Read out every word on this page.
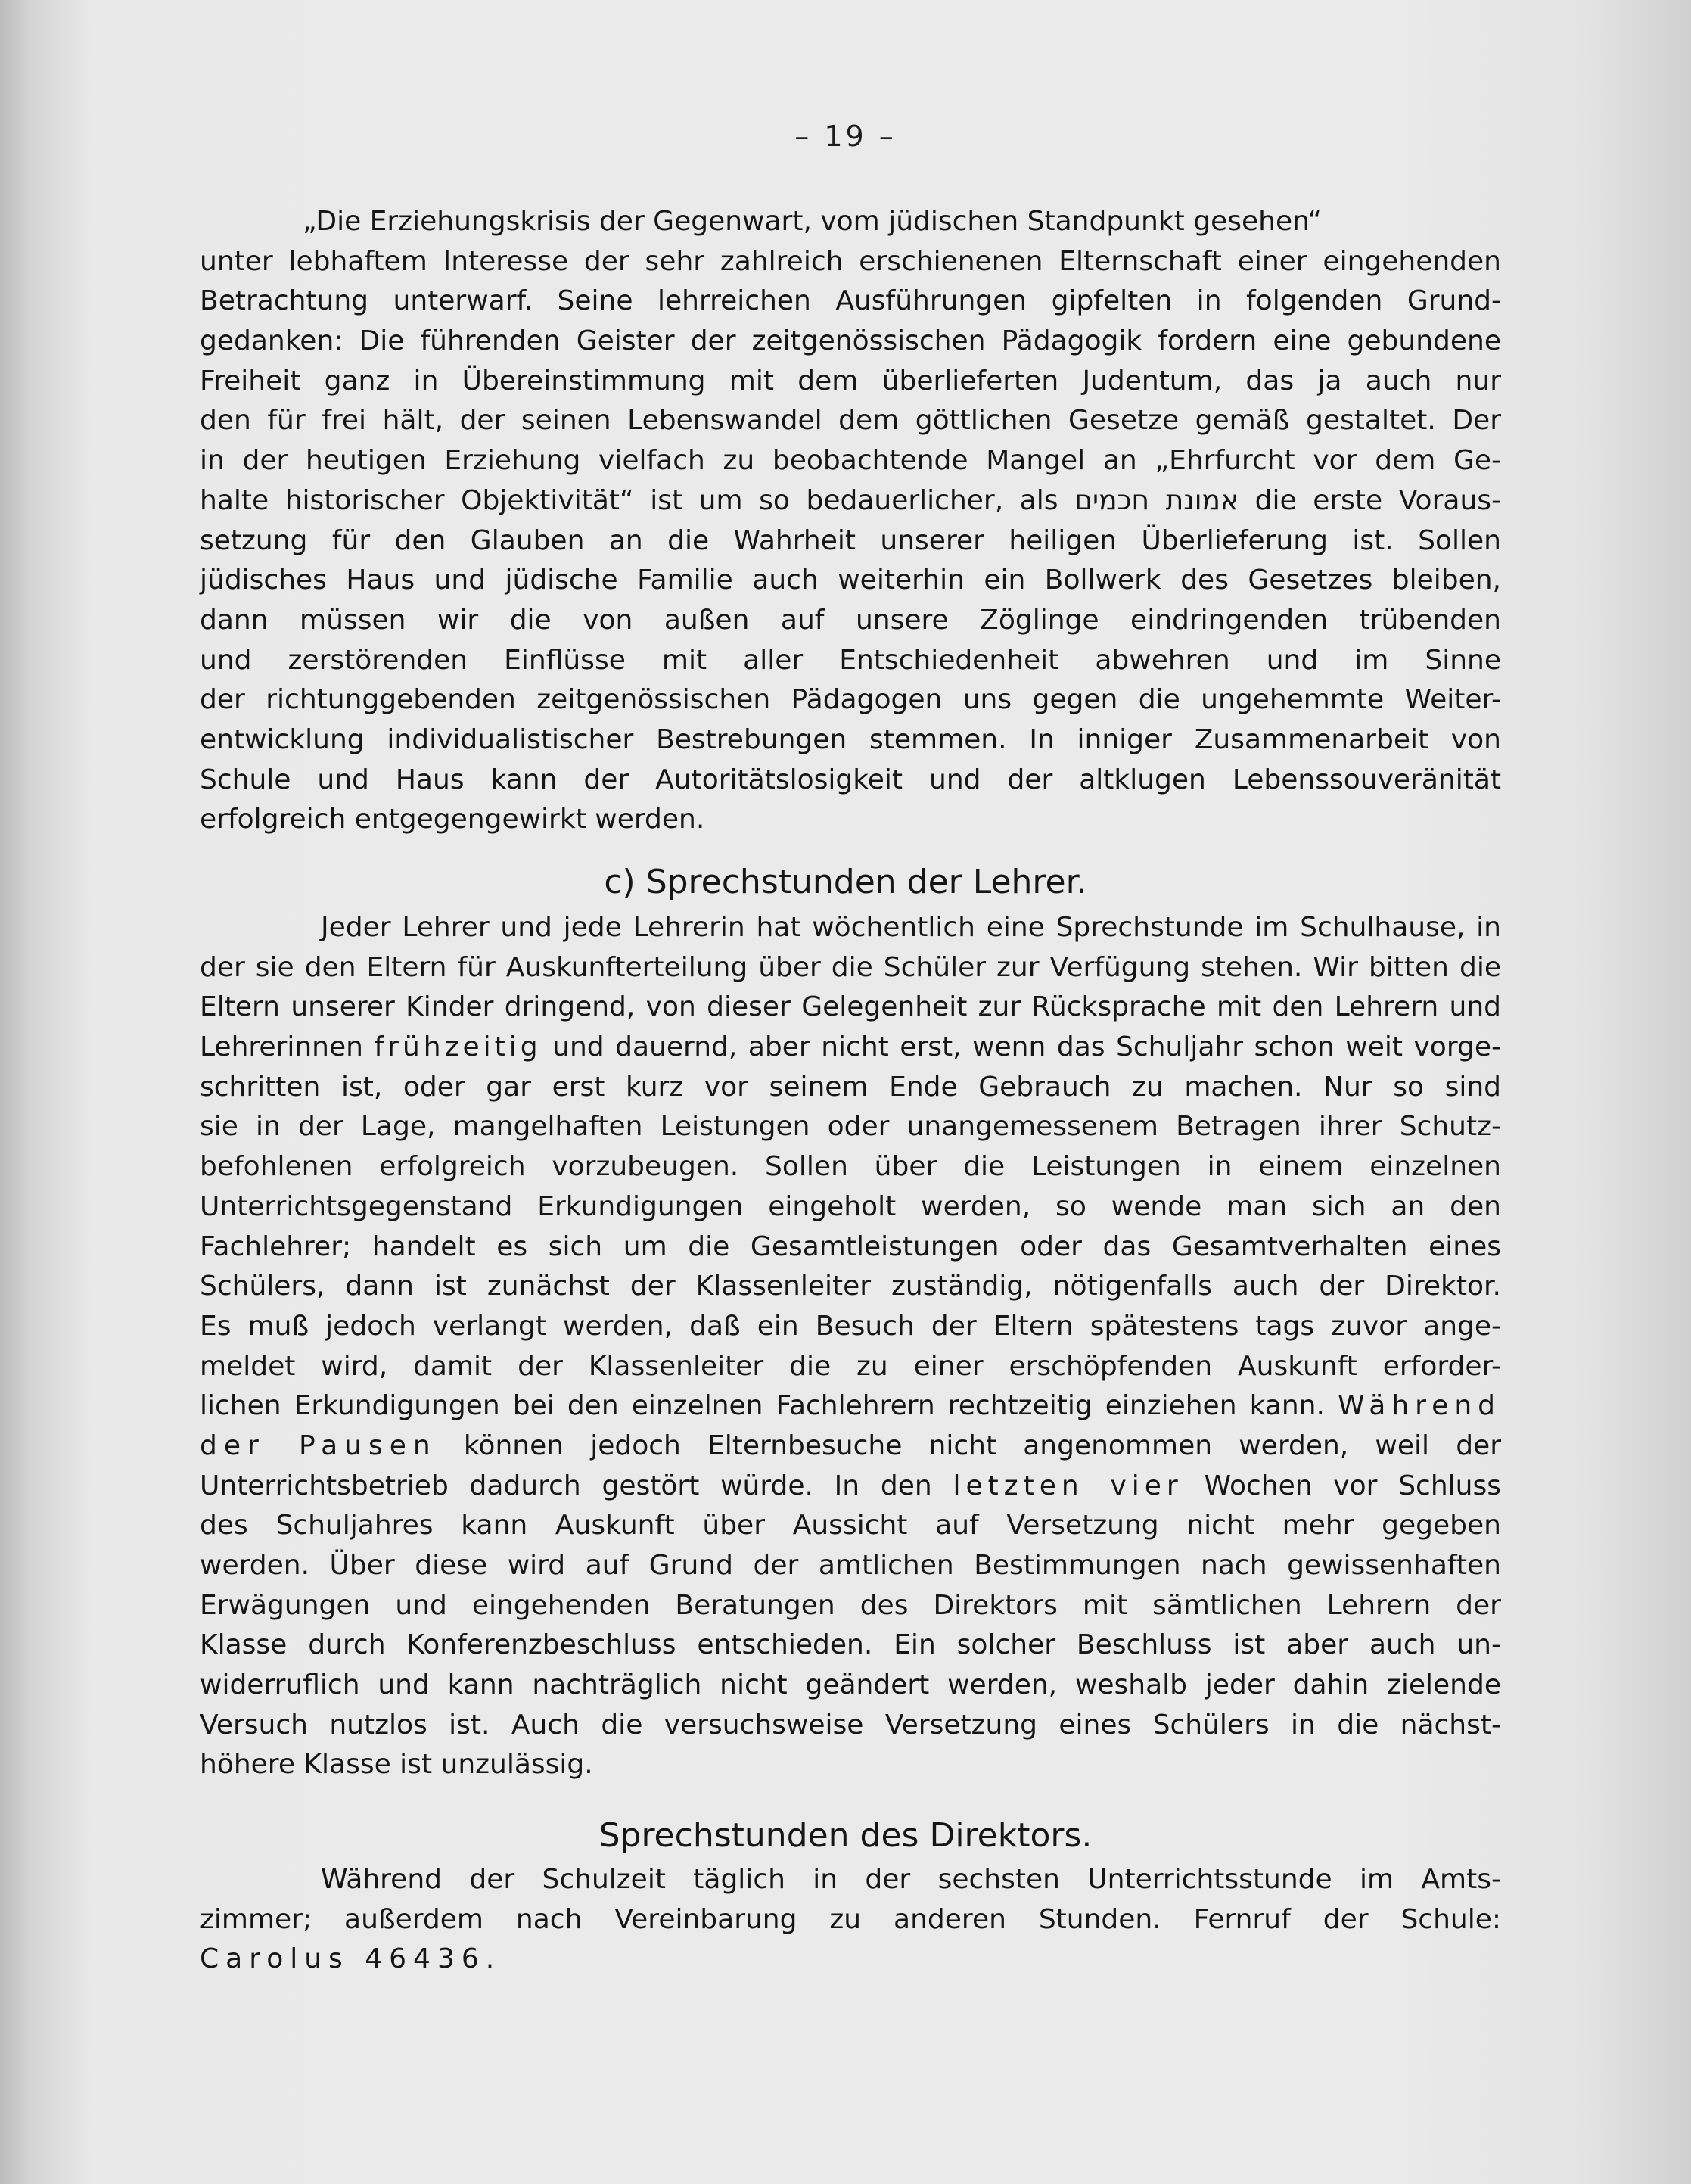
– 19 –
„Die Erziehungskrisis der Gegenwart, vom jüdischen Standpunkt gesehen“
unter lebhaftem Interesse der sehr zahlreich erschienenen Elternschaft einer eingehenden
Betrachtung unterwarf. Seine lehrreichen Ausführungen gipfelten in folgenden Grund-
gedanken: Die führenden Geister der zeitgenössischen Pädagogik fordern eine gebundene
Freiheit ganz in Übereinstimmung mit dem überlieferten Judentum, das ja auch nur
den für frei hält, der seinen Lebenswandel dem göttlichen Gesetze gemäß gestaltet. Der
in der heutigen Erziehung vielfach zu beobachtende Mangel an „Ehrfurcht vor dem Ge-
halte historischer Objektivität“ ist um so bedauerlicher, als אמונת חכמים die erste Voraus-
setzung für den Glauben an die Wahrheit unserer heiligen Überlieferung ist. Sollen
jüdisches Haus und jüdische Familie auch weiterhin ein Bollwerk des Gesetzes bleiben,
dann müssen wir die von außen auf unsere Zöglinge eindringenden trübenden
und zerstörenden Einflüsse mit aller Entschiedenheit abwehren und im Sinne
der richtunggebenden zeitgenössischen Pädagogen uns gegen die ungehemmte Weiter-
entwicklung individualistischer Bestrebungen stemmen. In inniger Zusammenarbeit von
Schule und Haus kann der Autoritätslosigkeit und der altklugen Lebenssouveränität
erfolgreich entgegengewirkt werden.
c) Sprechstunden der Lehrer.
Jeder Lehrer und jede Lehrerin hat wöchentlich eine Sprechstunde im Schulhause, in
der sie den Eltern für Auskunfterteilung über die Schüler zur Verfügung stehen. Wir bitten die
Eltern unserer Kinder dringend, von dieser Gelegenheit zur Rücksprache mit den Lehrern und
Lehrerinnen frühzeitig und dauernd, aber nicht erst, wenn das Schuljahr schon weit vorge-
schritten ist, oder gar erst kurz vor seinem Ende Gebrauch zu machen. Nur so sind
sie in der Lage, mangelhaften Leistungen oder unangemessenem Betragen ihrer Schutz-
befohlenen erfolgreich vorzubeugen. Sollen über die Leistungen in einem einzelnen
Unterrichtsgegenstand Erkundigungen eingeholt werden, so wende man sich an den
Fachlehrer; handelt es sich um die Gesamtleistungen oder das Gesamtverhalten eines
Schülers, dann ist zunächst der Klassenleiter zuständig, nötigenfalls auch der Direktor.
Es muß jedoch verlangt werden, daß ein Besuch der Eltern spätestens tags zuvor ange-
meldet wird, damit der Klassenleiter die zu einer erschöpfenden Auskunft erforder-
lichen Erkundigungen bei den einzelnen Fachlehrern rechtzeitig einziehen kann. Während
der Pausen können jedoch Elternbesuche nicht angenommen werden, weil der
Unterrichtsbetrieb dadurch gestört würde. In den letzten vier Wochen vor Schluss
des Schuljahres kann Auskunft über Aussicht auf Versetzung nicht mehr gegeben
werden. Über diese wird auf Grund der amtlichen Bestimmungen nach gewissenhaften
Erwägungen und eingehenden Beratungen des Direktors mit sämtlichen Lehrern der
Klasse durch Konferenzbeschluss entschieden. Ein solcher Beschluss ist aber auch un-
widerruflich und kann nachträglich nicht geändert werden, weshalb jeder dahin zielende
Versuch nutzlos ist. Auch die versuchsweise Versetzung eines Schülers in die nächst-
höhere Klasse ist unzulässig.
Sprechstunden des Direktors.
Während der Schulzeit täglich in der sechsten Unterrichtsstunde im Amts-
zimmer; außerdem nach Vereinbarung zu anderen Stunden. Fernruf der Schule:
Carolus 46436.
